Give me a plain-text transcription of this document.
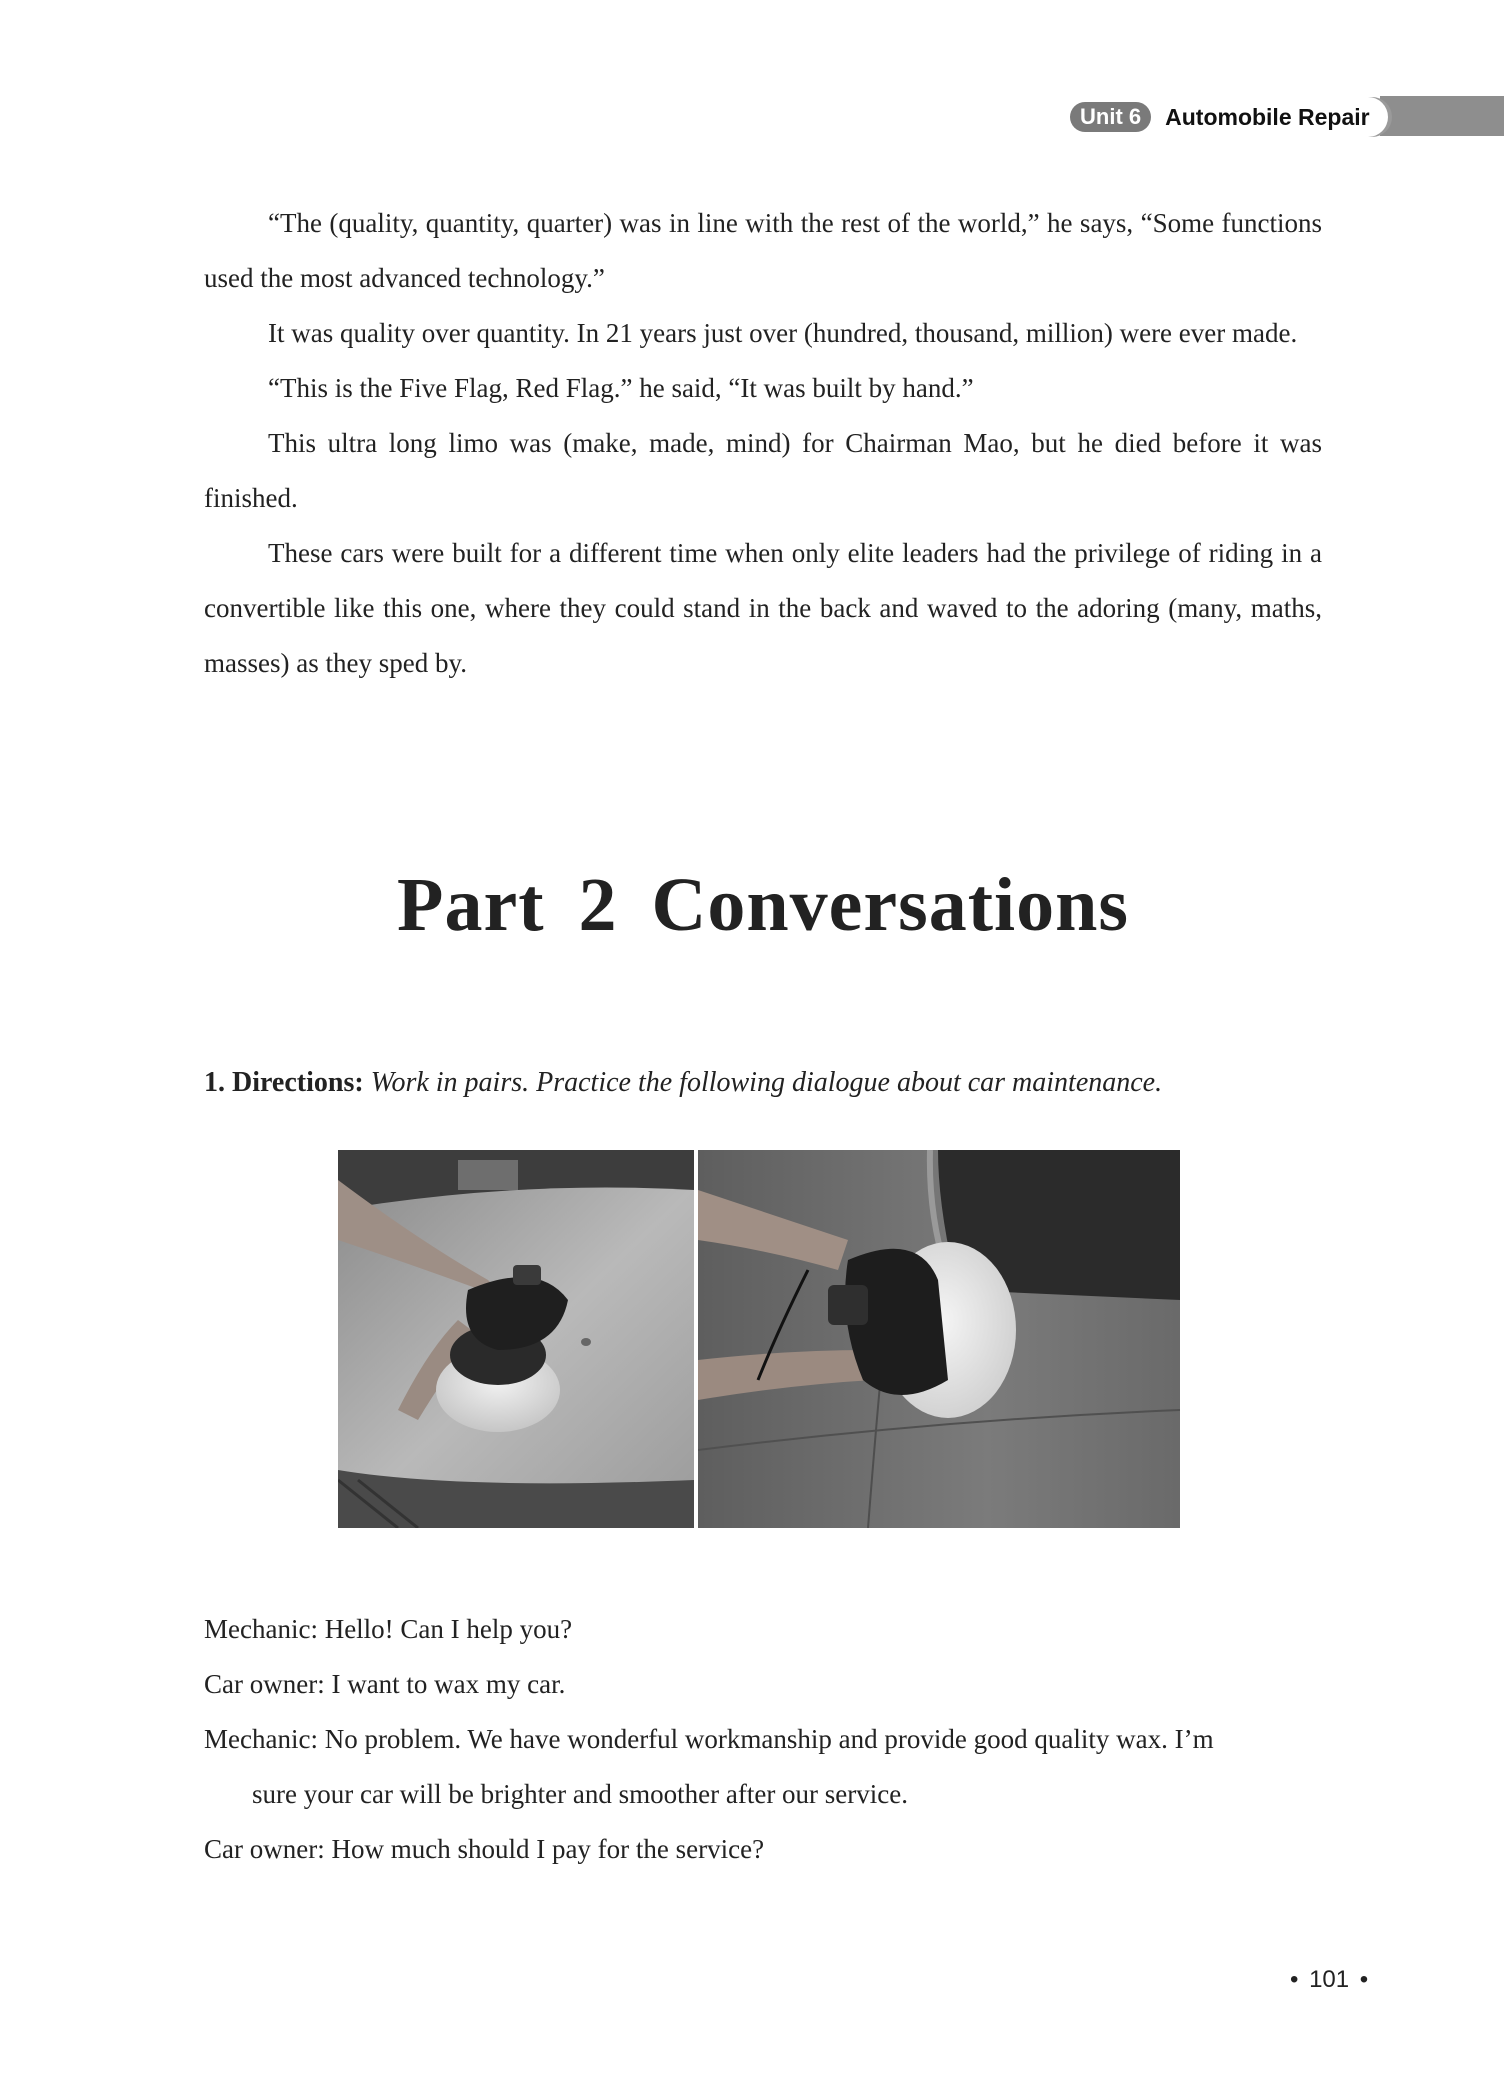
Unit 6	Automobile Repair

“The (quality, quantity, quarter) was in line with the rest of the world,” he says, “Some functions used the most advanced technology.”

It was quality over quantity. In 21 years just over (hundred, thousand, million) were ever made.

“This is the Five Flag, Red Flag.” he said, “It was built by hand.”

This ultra long limo was (make, made, mind) for Chairman Mao, but he died before it was finished.

These cars were built for a different time when only elite leaders had the privilege of riding in a convertible like this one, where they could stand in the back and waved to the adoring (many, maths, masses) as they sped by.

Part 2 Conversations
1. Directions: Work in pairs. Practice the following dialogue about car maintenance.

Mechanic: Hello! Can I help you?

Car owner: I want to wax my car.

Mechanic: No problem. We have wonderful workmanship and provide good quality wax. I’m

sure your car will be brighter and smoother after our service.

Car owner: How much should I pay for the service?

• 101 •
